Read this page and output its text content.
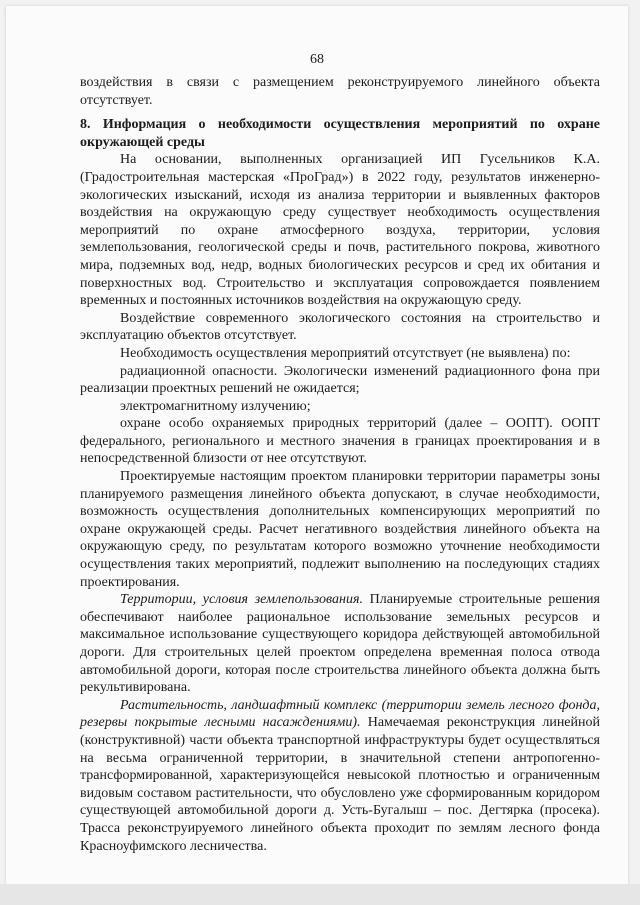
68

воздействия в связи с размещением реконструируемого линейного объекта отсутствует.

8. Информация о необходимости осуществления мероприятий по охране окружающей среды

На основании, выполненных организацией ИП Гусельников К.А. (Градостроительная мастерская «ПроГрад») в 2022 году, результатов инженерно-экологических изысканий, исходя из анализа территории и выявленных факторов воздействия на окружающую среду существует необходимость осуществления мероприятий по охране атмосферного воздуха, территории, условия землепользования, геологической среды и почв, растительного покрова, животного мира, подземных вод, недр, водных биологических ресурсов и сред их обитания и поверхностных вод. Строительство и эксплуатация сопровождается появлением временных и постоянных источников воздействия на окружающую среду.

Воздействие современного экологического состояния на строительство и эксплуатацию объектов отсутствует.

Необходимость осуществления мероприятий отсутствует (не выявлена) по:

радиационной опасности. Экологически изменений радиационного фона при реализации проектных решений не ожидается;

электромагнитному излучению;

охране особо охраняемых природных территорий (далее – ООПТ). ООПТ федерального, регионального и местного значения в границах проектирования и в непосредственной близости от нее отсутствуют.

Проектируемые настоящим проектом планировки территории параметры зоны планируемого размещения линейного объекта допускают, в случае необходимости, возможность осуществления дополнительных компенсирующих мероприятий по охране окружающей среды. Расчет негативного воздействия линейного объекта на окружающую среду, по результатам которого возможно уточнение необходимости осуществления таких мероприятий, подлежит выполнению на последующих стадиях проектирования.

Территории, условия землепользования. Планируемые строительные решения обеспечивают наиболее рациональное использование земельных ресурсов и максимальное использование существующего коридора действующей автомобильной дороги. Для строительных целей проектом определена временная полоса отвода автомобильной дороги, которая после строительства линейного объекта должна быть рекультивирована.

Растительность, ландшафтный комплекс (территории земель лесного фонда, резервы покрытые лесными насаждениями). Намечаемая реконструкция линейной (конструктивной) части объекта транспортной инфраструктуры будет осуществляться на весьма ограниченной территории, в значительной степени антропогенно-трансформированной, характеризующейся невысокой плотностью и ограниченным видовым составом растительности, что обусловлено уже сформированным коридором существующей автомобильной дороги д. Усть-Бугалыш – пос. Дегтярка (просека). Трасса реконструируемого линейного объекта проходит по землям лесного фонда Красноуфимского лесничества.
